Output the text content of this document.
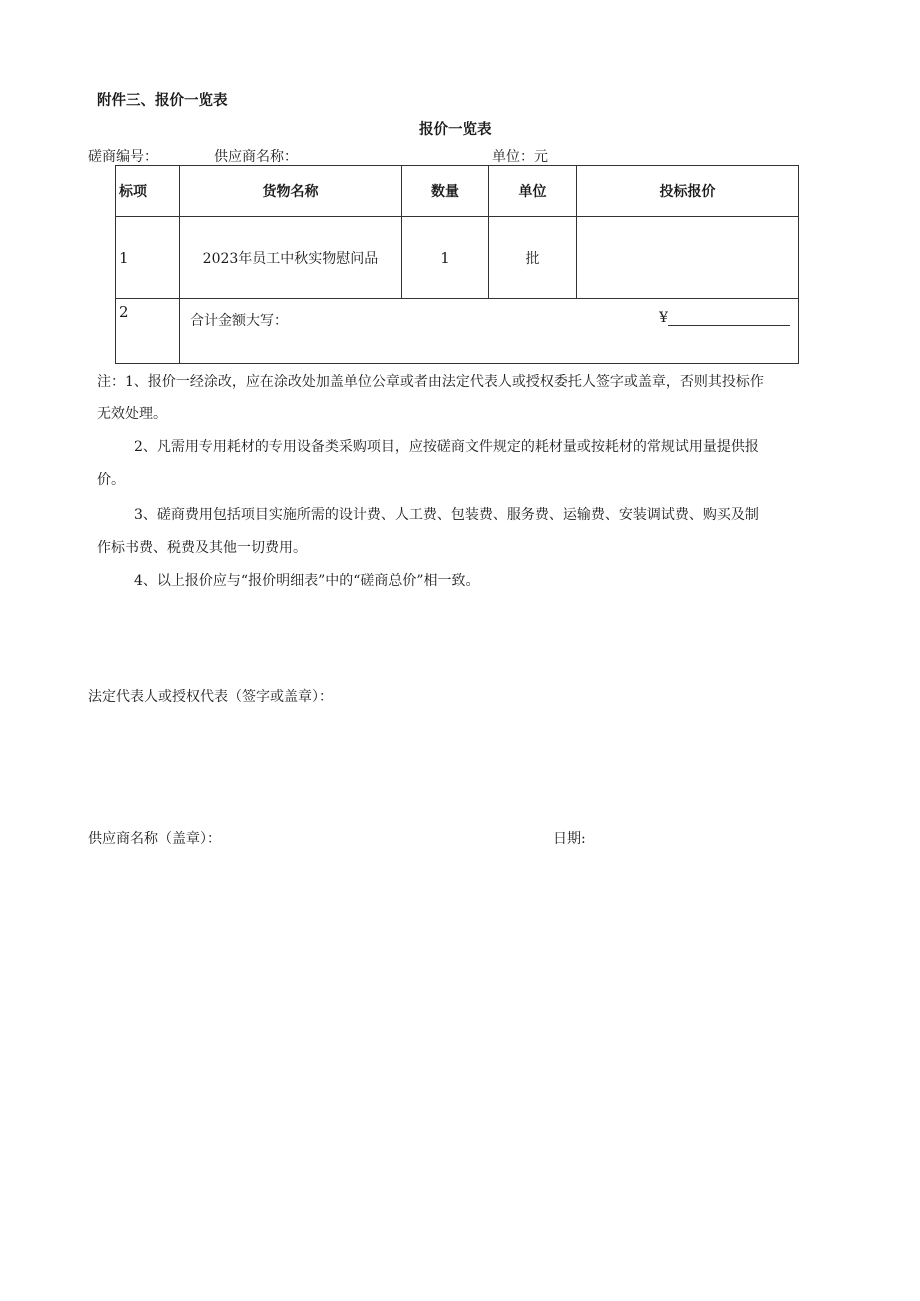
附件三、报价一览表
报价一览表
磋商编号：	供应商名称：	单位：元
标项	货物名称	数量	单位	投标报价
1	2023年员工中秋实物慰问品	1	批	
2	合计金额大写： ¥			
注：1、报价一经涂改，应在涂改处加盖单位公章或者由法定代表人或授权委托人签字或盖章，否则其投标作
无效处理。
2、凡需用专用耗材的专用设备类采购项目，应按磋商文件规定的耗材量或按耗材的常规试用量提供报
价。
3、磋商费用包括项目实施所需的设计费、人工费、包装费、服务费、运输费、安装调试费、购买及制
作标书费、税费及其他一切费用。
4、以上报价应与“报价明细表”中的“磋商总价”相一致。
法定代表人或授权代表（签字或盖章）：
供应商名称（盖章）：	日期:
